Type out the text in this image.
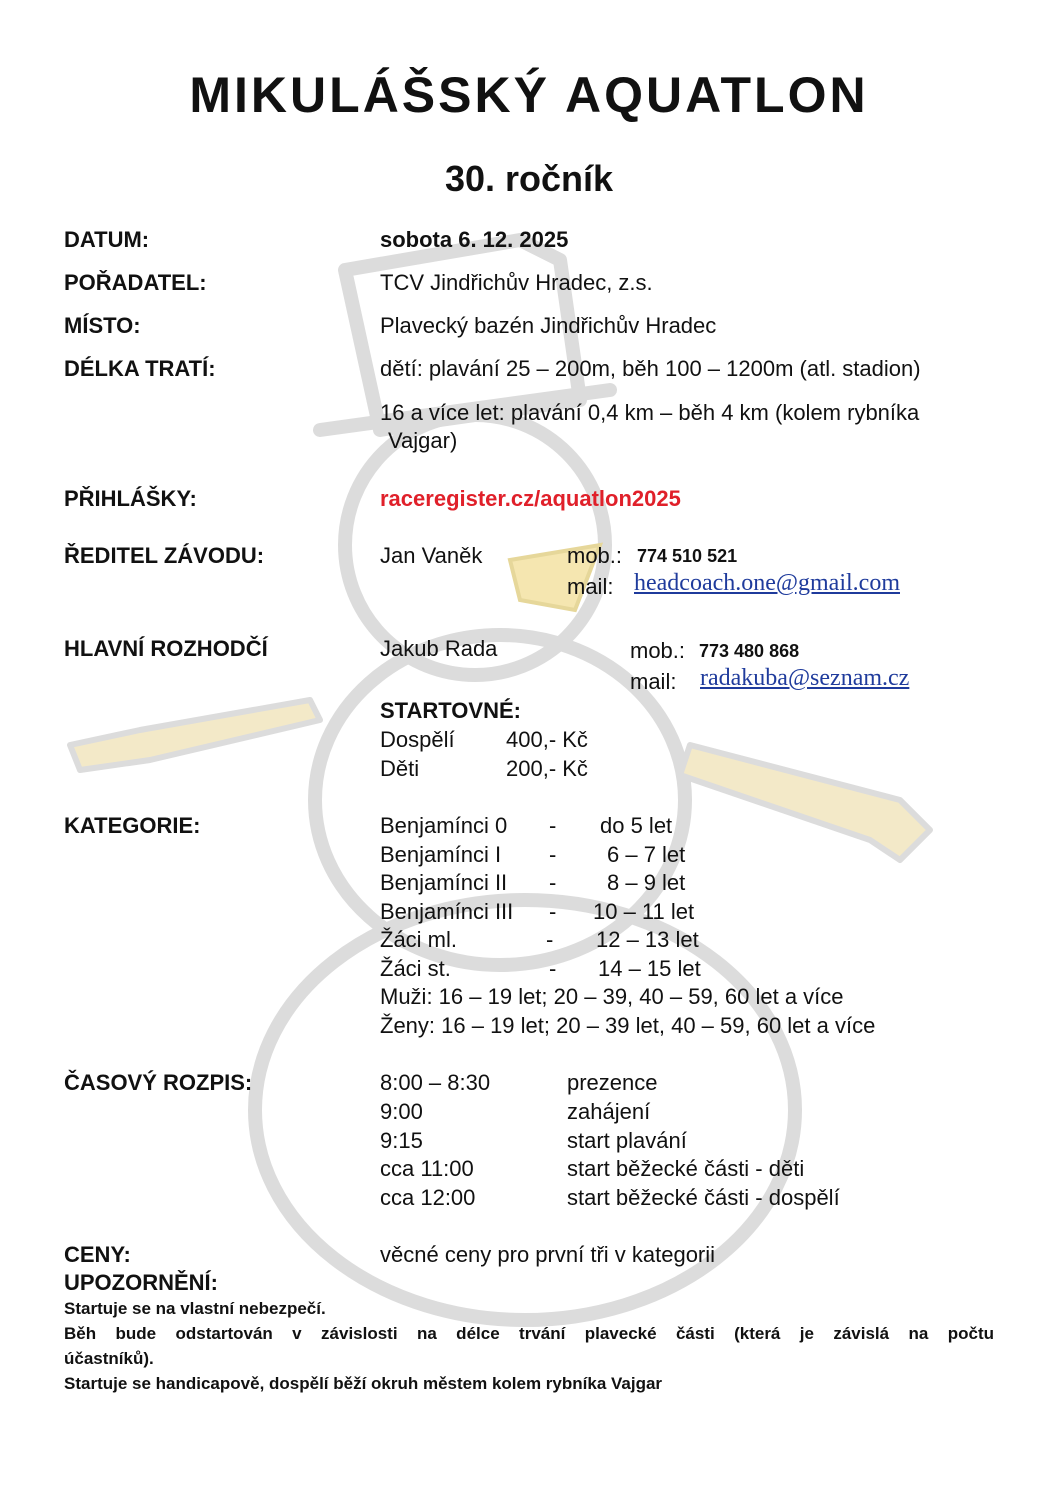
MIKULÁŠSKÝ AQUATLON
30. ročník
DATUM:	sobota 6. 12. 2025
POŘADATEL:	TCV Jindřichův Hradec, z.s.
MÍSTO:	Plavecký bazén Jindřichův Hradec
DÉLKA TRATÍ:	dětí: plavání 25 – 200m, běh 100 – 1200m (atl. stadion)
16 a více let: plavání 0,4 km – běh 4 km (kolem rybníka
Vajgar)
PŘIHLÁŠKY:	raceregister.cz/aquatlon2025
ŘEDITEL ZÁVODU:	Jan Vaněk	mob.: 774 510 521
mail: headcoach.one@gmail.com
HLAVNÍ ROZHODČÍ	Jakub Rada	mob.: 773 480 868
mail: radakuba@seznam.cz
STARTOVNÉ:
Dospělí 400,- Kč
Děti	200,- Kč
KATEGORIE:	Benjamínci 0 - do 5 let
Benjamínci I - 6 – 7 let
Benjamínci II - 8 – 9 let
Benjamínci III - 10 – 11 let
Žáci ml.	- 12 – 13 let
Žáci st.	- 14 – 15 let
Muži: 16 – 19 let; 20 – 39, 40 – 59, 60 let a více
Ženy: 16 – 19 let; 20 – 39 let, 40 – 59, 60 let a více
ČASOVÝ ROZPIS:	8:00 – 8:30	prezence
9:00	zahájení
9:15	start plavání
cca 11:00	start běžecké části - děti
cca 12:00	start běžecké části - dospělí
CENY:	věcné ceny pro první tři v kategorii
UPOZORNĚNÍ:
Startuje se na vlastní nebezpečí.
Běh bude odstartován v závislosti na délce trvání plavecké části (která je závislá na počtu
účastníků).
Startuje se handicapově, dospělí běží okruh městem kolem rybníka Vajgar
